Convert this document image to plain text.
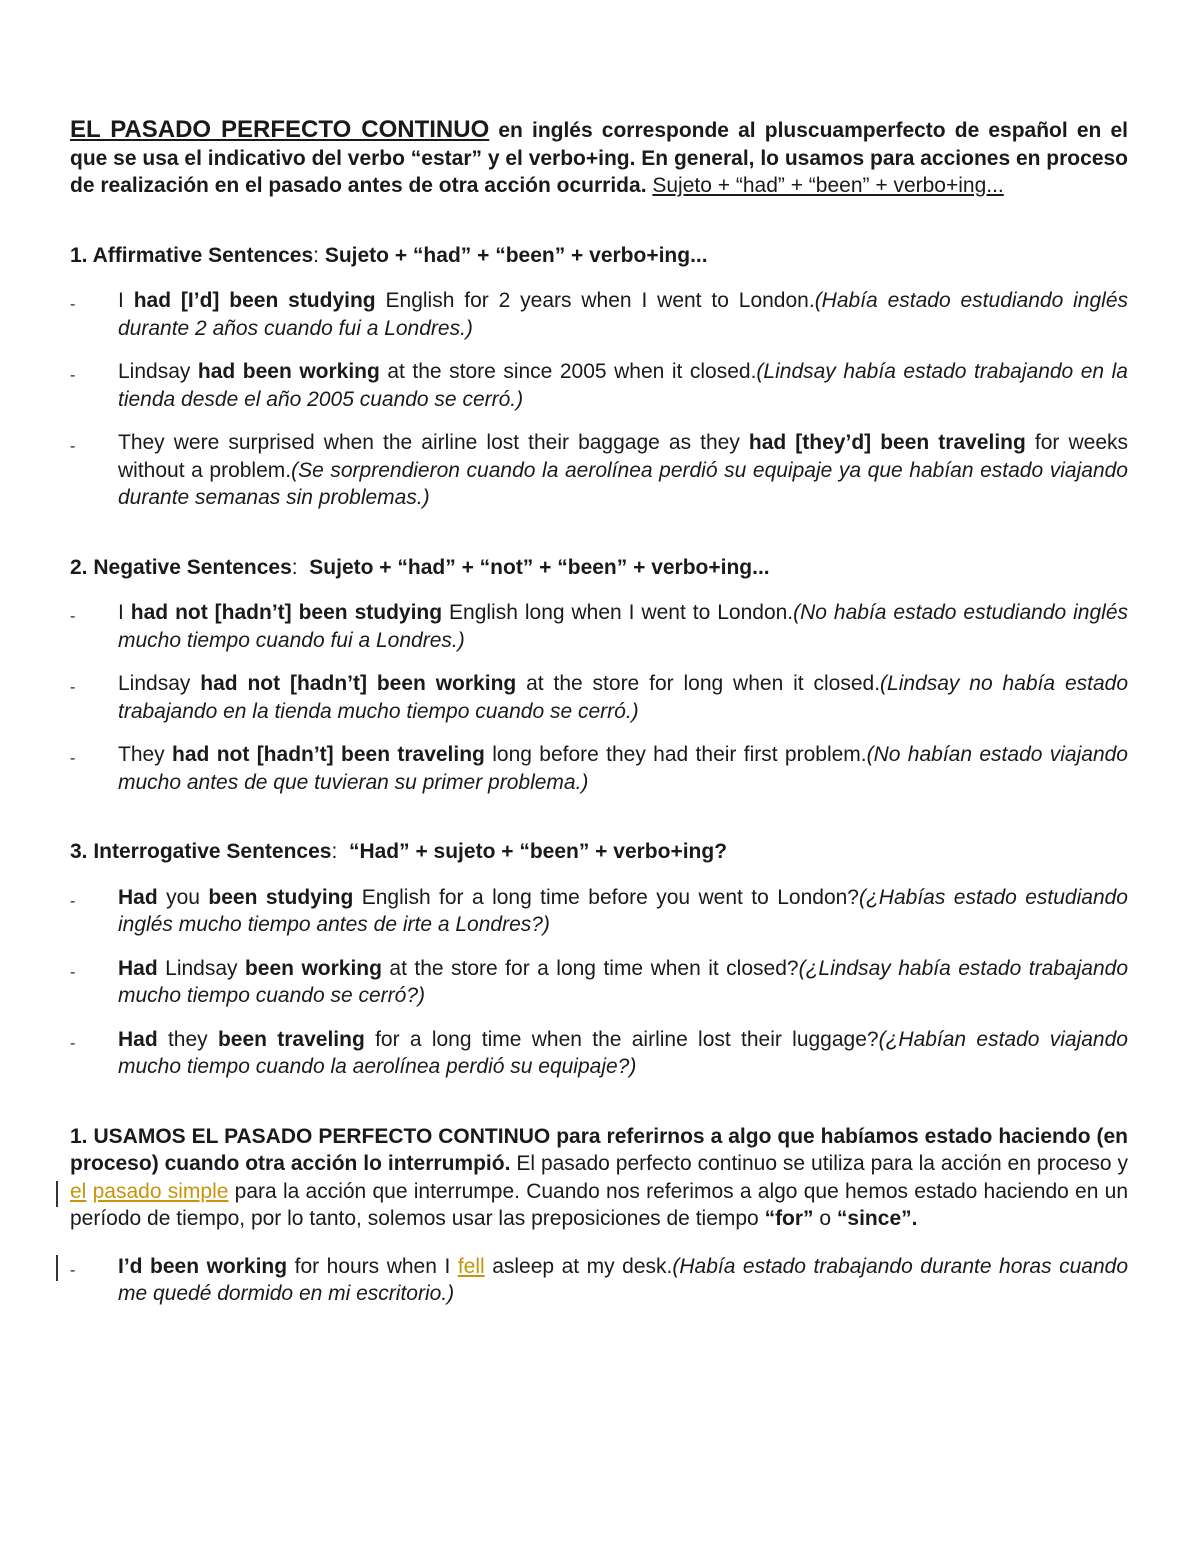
EL PASADO PERFECTO CONTINUO en inglés corresponde al pluscuamperfecto de español en el que se usa el indicativo del verbo “estar” y el verbo+ing. En general, lo usamos para acciones en proceso de realización en el pasado antes de otra acción ocurrida. Sujeto + “had” + “been” + verbo+ing...

1. Affirmative Sentences: Sujeto + “had” + “been” + verbo+ing...

- I had [I’d] been studying English for 2 years when I went to London.(Había estado estudiando inglés durante 2 años cuando fui a Londres.)
- Lindsay had been working at the store since 2005 when it closed.(Lindsay había estado trabajando en la tienda desde el año 2005 cuando se cerró.)
- They were surprised when the airline lost their baggage as they had [they’d] been traveling for weeks without a problem.(Se sorprendieron cuando la aerolínea perdió su equipaje ya que habían estado viajando durante semanas sin problemas.)

2. Negative Sentences:  Sujeto + “had” + “not” + “been” + verbo+ing...

- I had not [hadn’t] been studying English long when I went to London.(No había estado estudiando inglés mucho tiempo cuando fui a Londres.)
- Lindsay had not [hadn’t] been working at the store for long when it closed.(Lindsay no había estado trabajando en la tienda mucho tiempo cuando se cerró.)
- They had not [hadn’t] been traveling long before they had their first problem.(No habían estado viajando mucho antes de que tuvieran su primer problema.)

3. Interrogative Sentences:  “Had” + sujeto + “been” + verbo+ing?

- Had you been studying English for a long time before you went to London?(¿Habías estado estudiando inglés mucho tiempo antes de irte a Londres?)
- Had Lindsay been working at the store for a long time when it closed?(¿Lindsay había estado trabajando mucho tiempo cuando se cerró?)
- Had they been traveling for a long time when the airline lost their luggage?(¿Habían estado viajando mucho tiempo cuando la aerolínea perdió su equipaje?)

1. USAMOS EL PASADO PERFECTO CONTINUO para referirnos a algo que habíamos estado haciendo (en proceso) cuando otra acción lo interrumpió. El pasado perfecto continuo se utiliza para la acción en proceso y el pasado simple para la acción que interrumpe. Cuando nos referimos a algo que hemos estado haciendo en un período de tiempo, por lo tanto, solemos usar las preposiciones de tiempo “for” o “since”.

- I’d been working for hours when I fell asleep at my desk.(Había estado trabajando durante horas cuando me quedé dormido en mi escritorio.)
